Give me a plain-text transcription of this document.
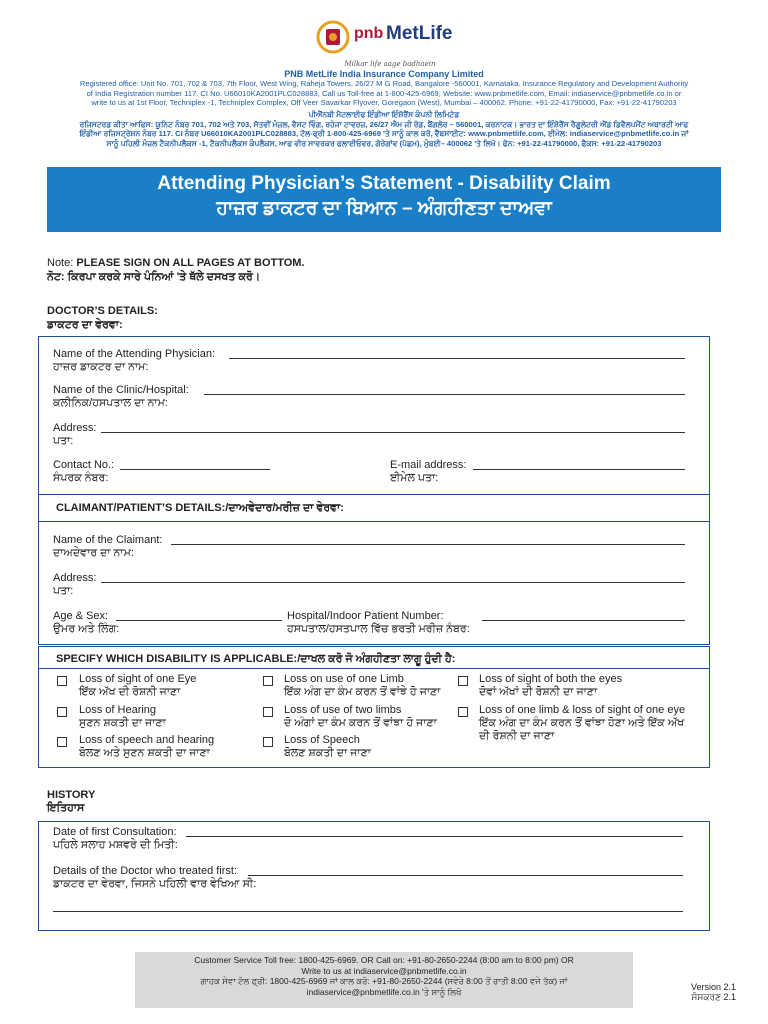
pnb MetLife
Milkar life aage badhaein
PNB MetLife India Insurance Company Limited
Registered office: Unit No. 701, 702 & 703, 7th Floor, West Wing, Raheja Towers, 26/27 M G Road, Bangalore -560001, Karnataka. Insurance Regulatory and Development Authority
of India Registration number 117. CI No. U66010KA2001PLC028883, Call us Toll-free at 1-800-425-6969, Website: www.pnbmetlife.com, Email: indiaservice@pnbmetlife.co.in or
write to us at 1st Floor, Techniplex -1, Techniplex Complex, Off Veer Savarkar Flyover, Goregaon (West), Mumbai – 400062. Phone: +91-22-41790000, Fax: +91-22-41790203
ਪੀਐੱਨਬੀ ਮੈਟਲਾਈਫ ਇੰਡੀਆ ਇੰਸ਼ੋਰੈਂਸ ਕੰਪਨੀ ਲਿਮਿਟੇਡ
ਰਜਿਸਟਰਡ ਕੀਤਾ ਆਫਿਸ: ਯੂਨਿਟ ਨੰਬਰ 701, 702 ਅਤੇ 703, ਸੱਤਵੀਂ ਮੰਜ਼ਲ, ਵੈਸਟ ਵਿੰਗ, ਰਹੇਜਾ ਟਾਵਰਜ਼, 26/27 ਐਮ ਜੀ ਰੋਡ, ਬੈਂਗਲੋਰ – 560001, ਕਰਨਾਟਕ। ਭਾਰਤ ਦਾ ਇੰਸ਼ੋਰੈਂਸ ਰੈਗੂਲੇਟਰੀ ਐਂਡ ਡਿਵੈਲਪਮੈਂਟ ਅਥਾਰਟੀ ਆਫ
ਇੰਡੀਆ ਰਜਿਸਟ੍ਰੇਸ਼ਨ ਨੰਬਰ 117. CI ਨੰਬਰ U66010KA2001PLC028883, ਟੋਲ-ਫ੍ਰੀ 1-800-425-6969 'ਤੇ ਸਾਨੂੰ ਕਾਲ ਕਰੋ, ਵੈੱਬਸਾਈਟ: www.pnbmetlife.com, ਈਮੇਲ: indiaservice@pnbmetlife.co.in ਜਾਂ
ਸਾਨੂੰ ਪਹਿਲੀ ਮੰਜ਼ਲ ਟੈਕਨੀਪਲੈਕਸ -1, ਟੈਕਨੀਪਲੈਕਸ ਕੰਪਲੈਕਸ, ਆਫ ਵੀਰ ਸਾਵਰਕਰ ਫਲਾਈਓਵਰ, ਗੋਰੇਗਾਂਵ (ਪੱਛਮ), ਮੁੰਬਈ– 400062 'ਤੇ ਲਿਖੋ। ਫੋਨ: +91-22-41790000, ਫੈਕਸ: +91-22-41790203
Attending Physician’s Statement - Disability Claim
ਹਾਜ਼ਰ ਡਾਕਟਰ ਦਾ ਬਿਆਨ – ਅੰਗਹੀਣਤਾ ਦਾਅਵਾ
Note: PLEASE SIGN ON ALL PAGES AT BOTTOM.
ਨੋਟ: ਕਿਰਪਾ ਕਰਕੇ ਸਾਰੇ ਪੰਨਿਆਂ 'ਤੇ ਥੱਲੇ ਦਸਖਤ ਕਰੋ।
DOCTOR’S DETAILS:
ਡਾਕਟਰ ਦਾ ਵੇਰਵਾ:
Name of the Attending Physician:
ਹਾਜ਼ਰ ਡਾਕਟਰ ਦਾ ਨਾਮ:
Name of the Clinic/Hospital:
ਕਲੀਨਿਕ/ਹਸਪਤਾਲ ਦਾ ਨਾਮ:
Address:
ਪਤਾ:
Contact No.:
ਸੰਪਰਕ ਨੰਬਰ:
E-mail address:
ਈਮੇਲ ਪਤਾ:
CLAIMANT/PATIENT’S DETAILS:/ਦਾਅਵੇਦਾਰ/ਮਰੀਜ਼ ਦਾ ਵੇਰਵਾ:
Name of the Claimant:
ਦਾਅਦੇਵਾਰ ਦਾ ਨਾਮ:
Address:
ਪਤਾ:
Age & Sex:
ਉਮਰ ਅਤੇ ਲਿੰਗ:
Hospital/Indoor Patient Number:
ਹਸਪਤਾਲ/ਹਸਤਪਾਲ ਵਿੱਚ ਭਰਤੀ ਮਰੀਜ਼ ਨੰਬਰ:
SPECIFY WHICH DISABILITY IS APPLICABLE:/ਦਾਖਲ ਕਰੋ ਜੋ ਅੰਗਹੀਣਤਾ ਲਾਗੂ ਹੁੰਦੀ ਹੈ:
Loss of sight of one Eye
ਇੱਕ ਅੱਖ ਦੀ ਰੋਸ਼ਨੀ ਜਾਣਾ
Loss of Hearing
ਸੁਣਨ ਸ਼ਕਤੀ ਦਾ ਜਾਣਾ
Loss of speech and hearing
ਬੋਲਣ ਅਤੇ ਸੁਣਨ ਸ਼ਕਤੀ ਦਾ ਜਾਣਾ
Loss on use of one Limb
ਇੱਕ ਅੰਗ ਦਾ ਕੰਮ ਕਰਨ ਤੋਂ ਵਾਂਝੇ ਹੋ ਜਾਣਾ
Loss of use of two limbs
ਦੋ ਅੰਗਾਂ ਦਾ ਕੰਮ ਕਰਨ ਤੋਂ ਵਾਂਝਾ ਹੋ ਜਾਣਾ
Loss of Speech
ਬੋਲਣ ਸ਼ਕਤੀ ਦਾ ਜਾਣਾ
Loss of sight of both the eyes
ਦੋਵਾਂ ਅੱਖਾਂ ਦੀ ਰੋਸ਼ਨੀ ਦਾ ਜਾਣਾ
Loss of one limb & loss of sight of one eye
ਇੱਕ ਅੰਗ ਦਾ ਕੰਮ ਕਰਨ ਤੋਂ ਵਾਂਝਾ ਹੋਣਾ ਅਤੇ ਇੱਕ ਅੱਖ
ਦੀ ਰੋਸ਼ਨੀ ਦਾ ਜਾਣਾ
HISTORY
ਇਤਿਹਾਸ
Date of first Consultation:
ਪਹਿਲੇ ਸਲਾਹ ਮਸ਼ਵਰੇ ਦੀ ਮਿਤੀ:
Details of the Doctor who treated first:
ਡਾਕਟਰ ਦਾ ਵੇਰਵਾ, ਜਿਸਨੇ ਪਹਿਲੀ ਵਾਰ ਵੇਖਿਆ ਸੀ:
Customer Service Toll free: 1800-425-6969. OR Call on: +91-80-2650-2244 (8:00 am to 8:00 pm) OR
Write to us at indiaservice@pnbmetlife.co.in
ਗਾਹਕ ਸੇਵਾ ਟੋਲ ਫ੍ਰੀ: 1800-425-6969 ਜਾਂ ਕਾਲ ਕਰੋ: +91-80-2650-2244 (ਸਵੇਰੇ 8:00 ਤੋਂ ਰਾਤੀ 8:00 ਵਜੇ ਤੱਕ) ਜਾਂ
indiaservice@pnbmetlife.co.in 'ਤੇ ਸਾਨੂੰ ਲਿਖੋ	Version 2.1
ਸੰਸਕਰਣ 2.1
